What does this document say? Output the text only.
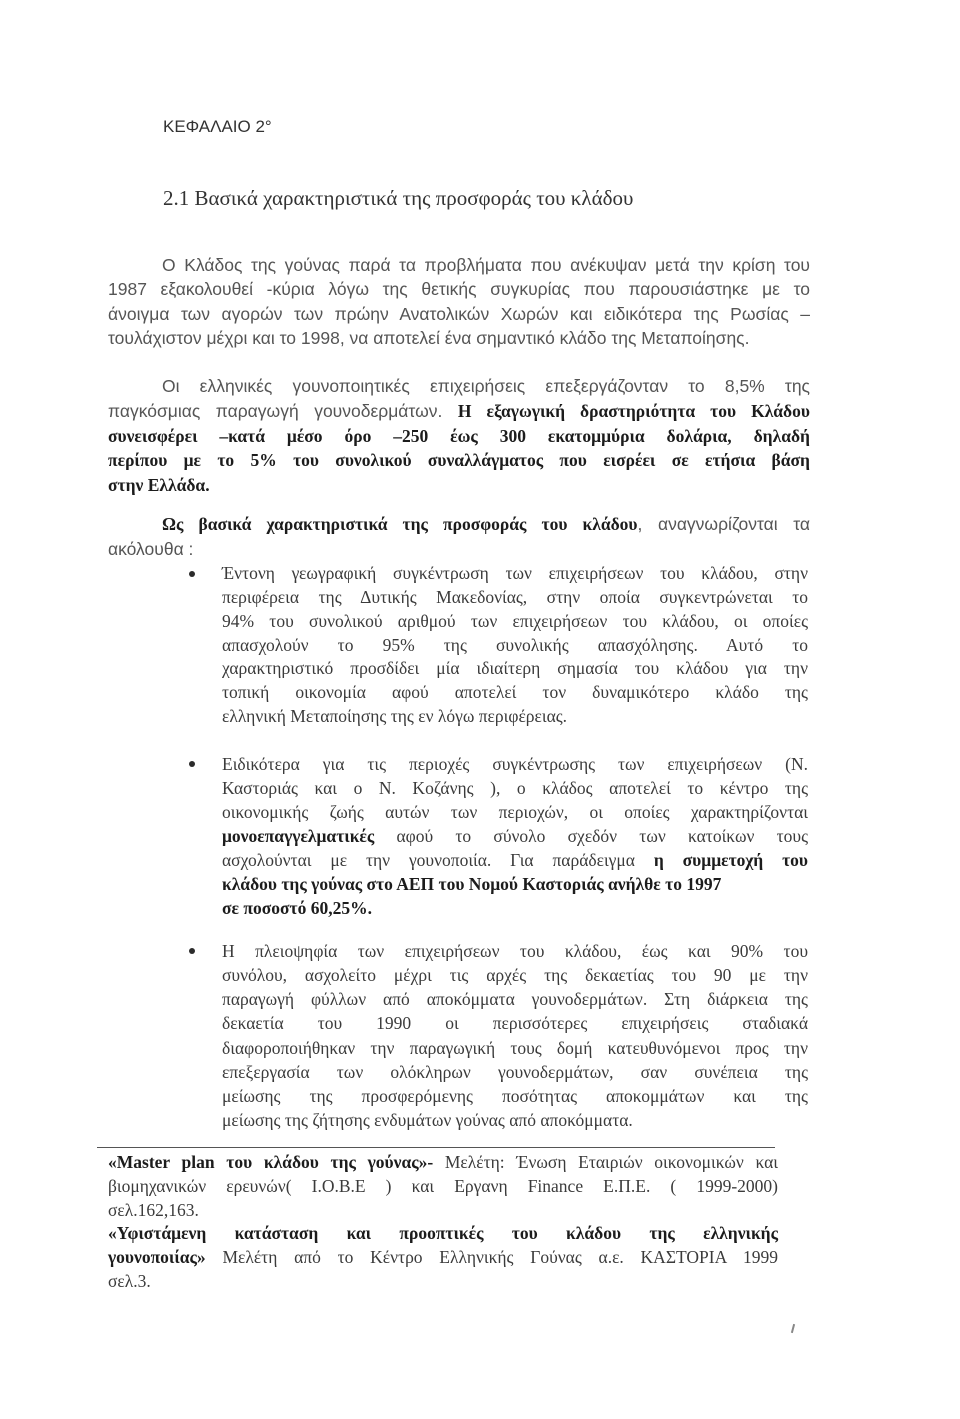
ΚΕΦΑΛΑΙΟ 2°
2.1 Βασικά χαρακτηριστικά της προσφοράς του κλάδου
Ο Κλάδος της γούνας παρά τα προβλήματα που ανέκυψαν μετά την κρίση του
1987 εξακολουθεί -κύρια λόγω της θετικής συγκυρίας που παρουσιάστηκε με το
άνοιγμα των αγορών των πρώην Ανατολικών Χωρών και ειδικότερα της Ρωσίας –
τουλάχιστον μέχρι και το 1998, να αποτελεί ένα σημαντικό κλάδο της Μεταποίησης.
Οι ελληνικές γουνοποιητικές επιχειρήσεις επεξεργάζονταν το 8,5% της
παγκόσμιας παραγωγή γουνοδερμάτων. Η εξαγωγική δραστηριότητα του Κλάδου
συνεισφέρει –κατά μέσο όρο –250 έως 300 εκατομμύρια δολάρια, δηλαδή
περίπου με το 5% του συνολικού συναλλάγματος που εισρέει σε ετήσια βάση
στην Ελλάδα.
Ως βασικά χαρακτηριστικά της προσφοράς του κλάδου, αναγνωρίζονται τα
ακόλουθα :
Έντονη γεωγραφική συγκέντρωση των επιχειρήσεων του κλάδου, στην
περιφέρεια της Δυτικής Μακεδονίας, στην οποία συγκεντρώνεται το
94% του συνολικού αριθμού των επιχειρήσεων του κλάδου, οι οποίες
απασχολούν το 95% της συνολικής απασχόλησης. Αυτό το
χαρακτηριστικό προσδίδει μία ιδιαίτερη σημασία του κλάδου για την
τοπική οικονομία αφού αποτελεί τον δυναμικότερο κλάδο της
ελληνική Μεταποίησης της εν λόγω περιφέρειας.
Ειδικότερα για τις περιοχές συγκέντρωσης των επιχειρήσεων (Ν.
Καστοριάς και ο Ν. Κοζάνης ), ο κλάδος αποτελεί το κέντρο της
οικονομικής ζωής αυτών των περιοχών, οι οποίες χαρακτηρίζονται
μονοεπαγγελματικές αφού το σύνολο σχεδόν των κατοίκων τους
ασχολούνται με την γουνοποιία. Για παράδειγμα η συμμετοχή του
κλάδου της γούνας στο ΑΕΠ του Νομού Καστοριάς ανήλθε το 1997
σε ποσοστό 60,25%.
Η πλειοψηφία των επιχειρήσεων του κλάδου, έως και 90% του
συνόλου, ασχολείτο μέχρι τις αρχές της δεκαετίας του 90 με την
παραγωγή φύλλων από αποκόμματα γουνοδερμάτων. Στη διάρκεια της
δεκαετία του 1990 οι περισσότερες επιχειρήσεις σταδιακά
διαφοροποιήθηκαν την παραγωγική τους δομή κατευθυνόμενοι προς την
επεξεργασία των ολόκληρων γουνοδερμάτων, σαν συνέπεια της
μείωσης της προσφερόμενης ποσότητας αποκομμάτων και της
μείωσης της ζήτησης ενδυμάτων γούνας από αποκόμματα.
«Master plan του κλάδου της γούνας»- Μελέτη: Ένωση Εταιριών οικονομικών και
βιομηχανικών ερευνών( Ι.Ο.Β.Ε ) και Εργανη Finance Ε.Π.Ε. ( 1999-2000)
σελ.162,163.
«Υφιστάμενη κατάσταση και προοπτικές του κλάδου της ελληνικής
γουνοποιίας» Μελέτη από το Κέντρο Ελληνικής Γούνας α.ε. ΚΑΣΤΟΡΙΑ 1999
σελ.3.
